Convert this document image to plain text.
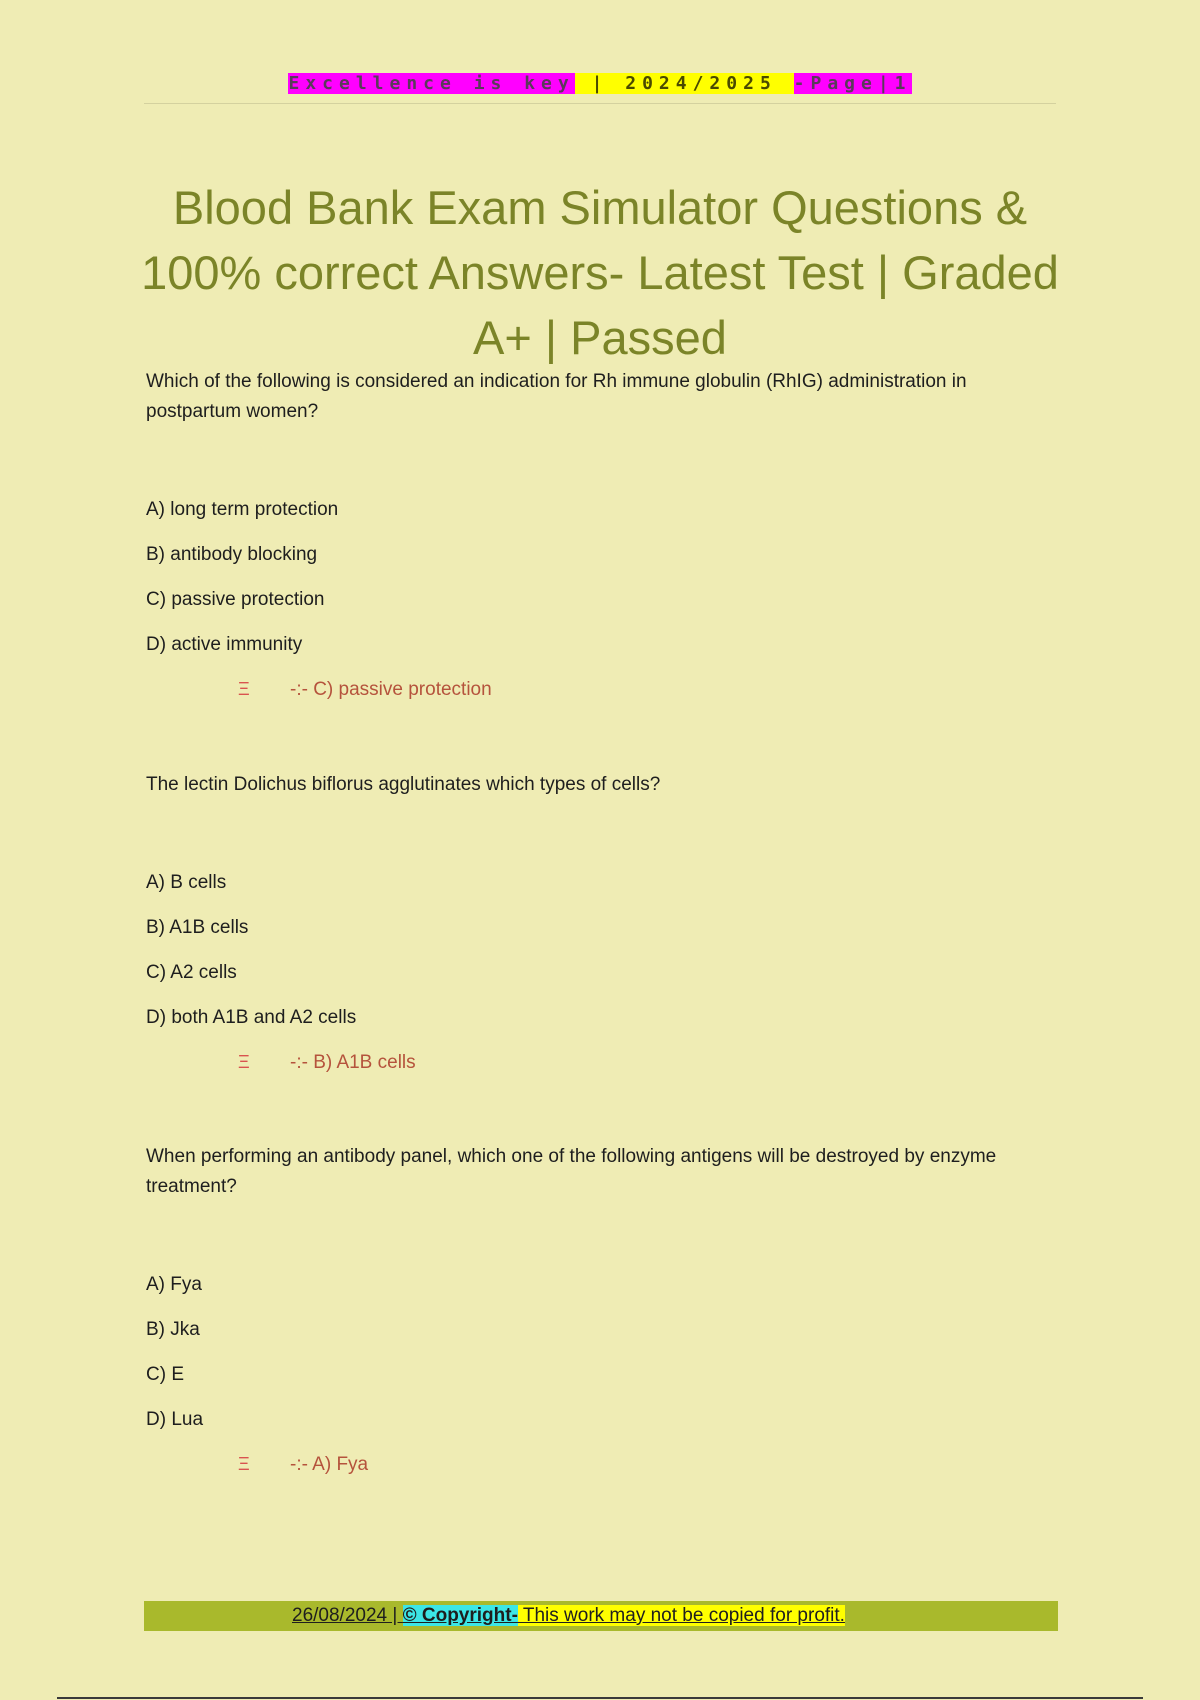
Excellence is key | 2024/2025 -Page|1
Blood Bank Exam Simulator Questions & 100% correct Answers- Latest Test | Graded A+ | Passed

Which of the following is considered an indication for Rh immune globulin (RhIG) administration in postpartum women?

A) long term protection
B) antibody blocking
C) passive protection
D) active immunity
Ξ -:- C) passive protection

The lectin Dolichus biflorus agglutinates which types of cells?

A) B cells
B) A1B cells
C) A2 cells
D) both A1B and A2 cells
Ξ -:- B) A1B cells

When performing an antibody panel, which one of the following antigens will be destroyed by enzyme treatment?

A) Fya
B) Jka
C) E
D) Lua
Ξ -:- A) Fya
26/08/2024 | © Copyright- This work may not be copied for profit.
